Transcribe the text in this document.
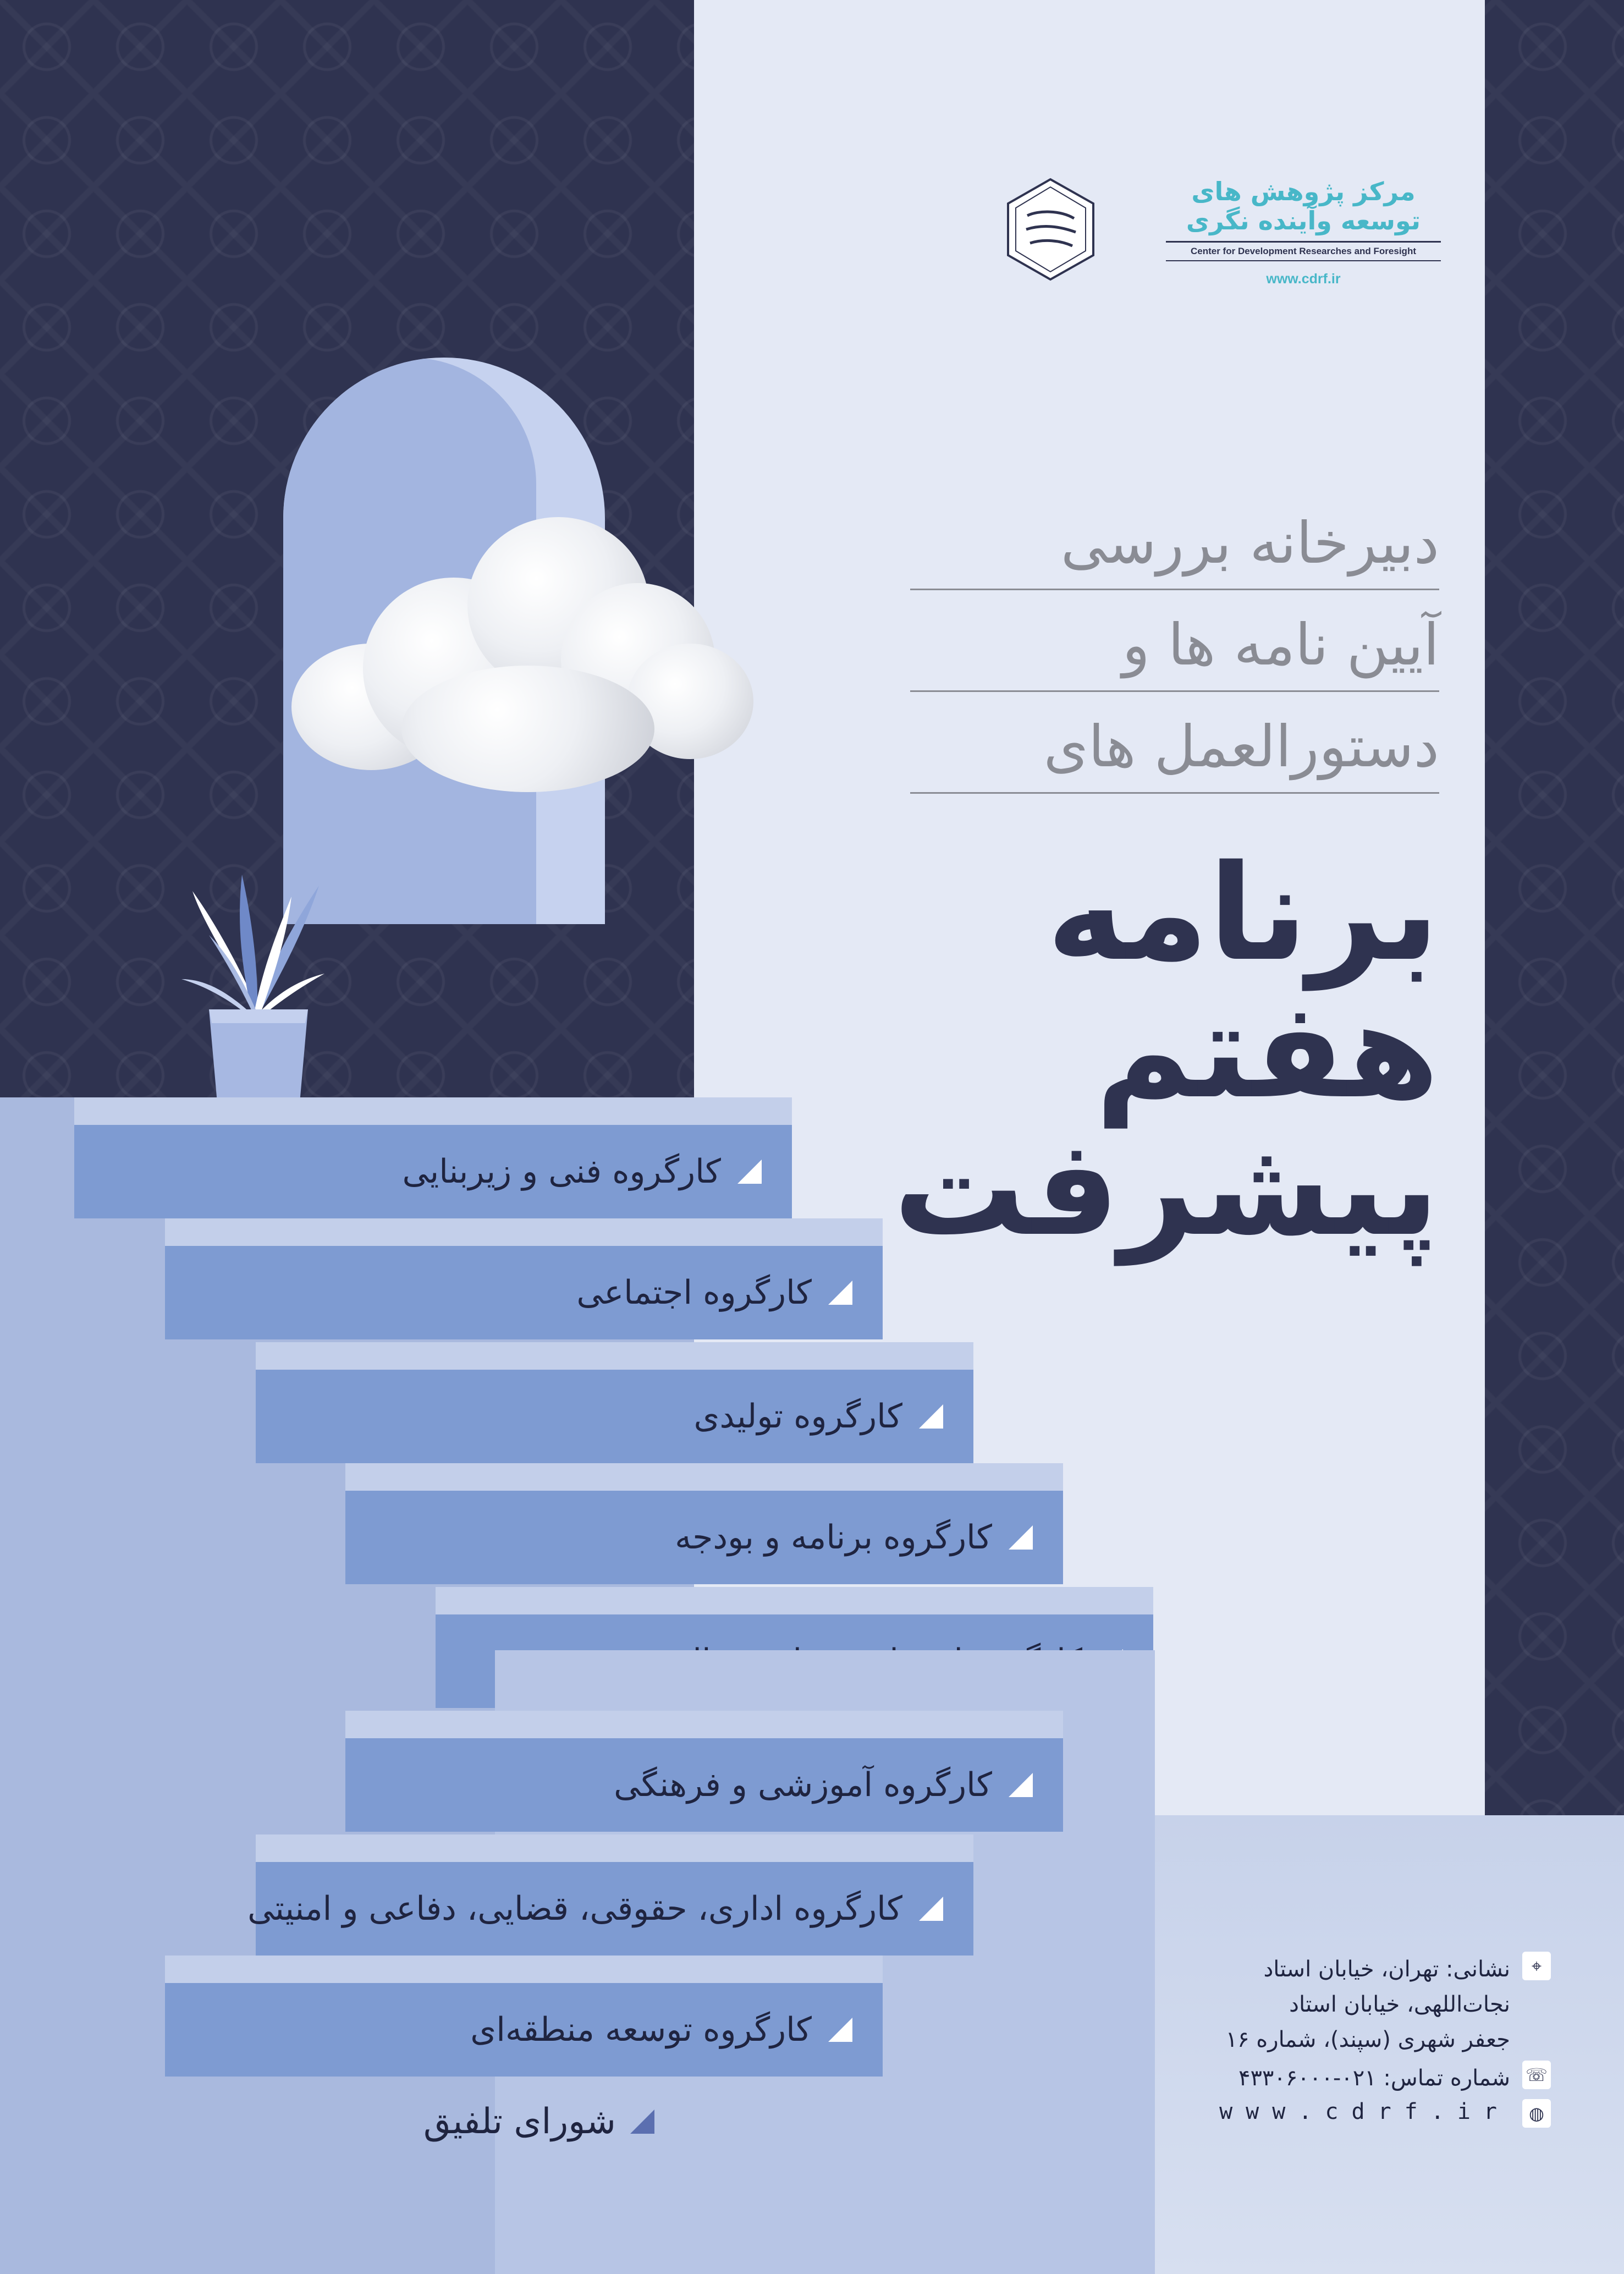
مرکز پژوهش های
توسعه وآینده نگری
Center for Development Researches and Foresight
www.cdrf.ir
دبیرخانه بررسی
آیین نامه ها و
دستورالعمل های
برنامه
هفتم
پیشرفت
کارگروه فنی و زیربنایی
کارگروه اجتماعی
کارگروه تولیدی
کارگروه برنامه و بودجه
کارگروه آموزشی و فرهنگی
کارگروه اداری، حقوقی، قضایی، دفاعی و امنیتی
کارگروه توسعه منطقه‌ای
شورای تلفیق
⌖
نشانی: تهران، خیابان استاد
نجات‌اللهی، خیابان استاد
جعفر شهری (سپند)، شماره ۱۶
☏
شماره تماس: ۰۲۱-۴۳۳۰۶۰۰۰
◍
www.cdrf.ir
